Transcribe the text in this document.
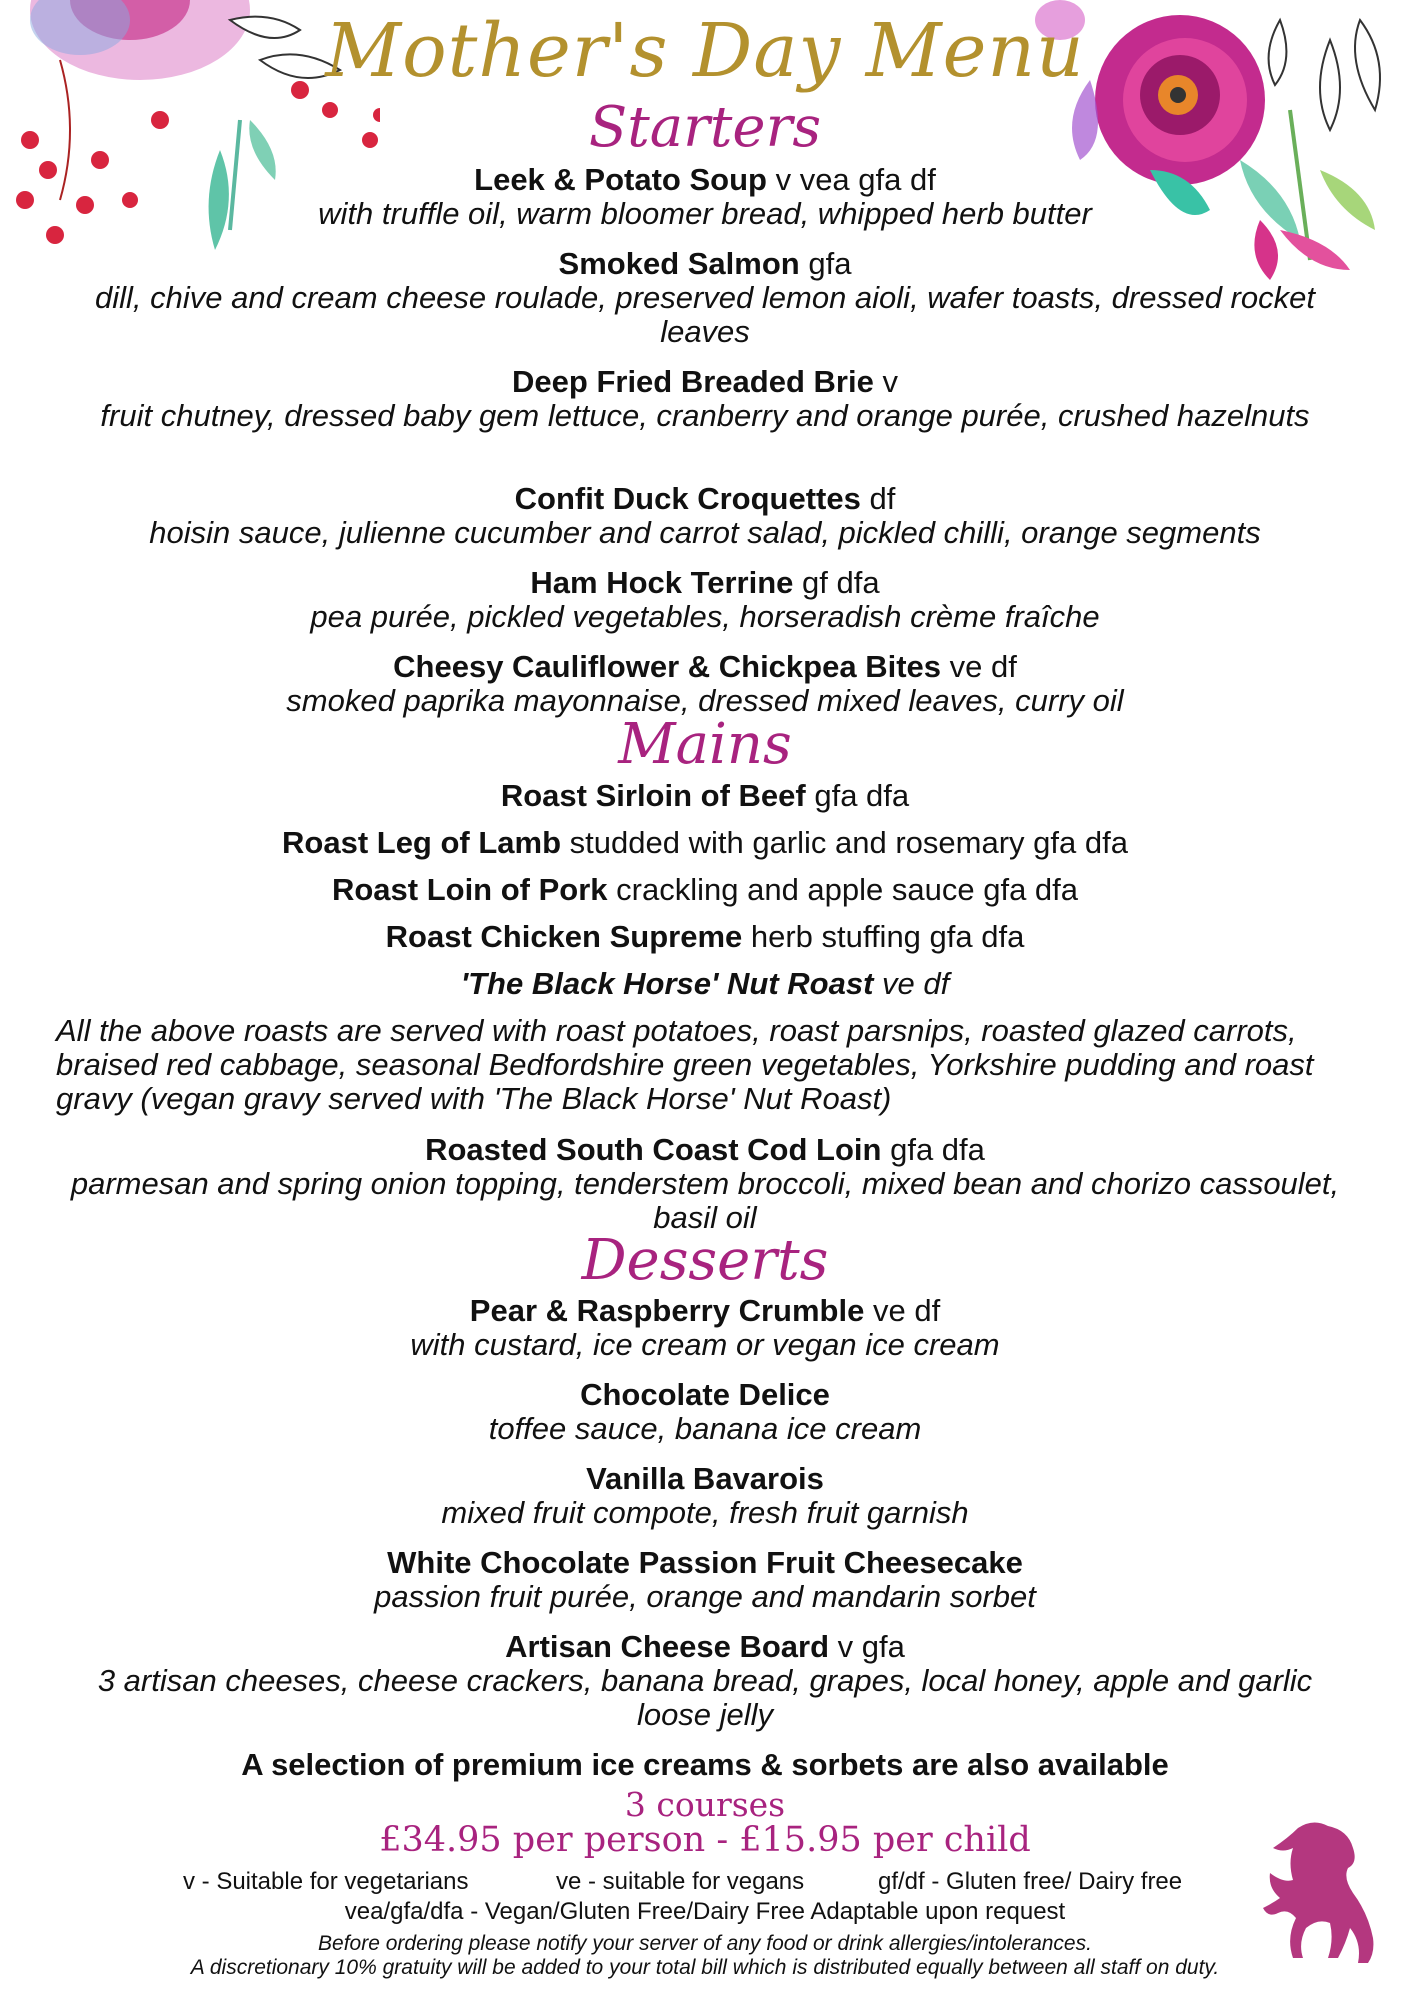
Mother's Day Menu
Starters
Leek & Potato Soup v vea gfa df
with truffle oil, warm bloomer bread, whipped herb butter
Smoked Salmon gfa
dill, chive and cream cheese roulade, preserved lemon aioli, wafer toasts, dressed rocket leaves
Deep Fried Breaded Brie v
fruit chutney, dressed baby gem lettuce, cranberry and orange purée, crushed hazelnuts
Confit Duck Croquettes df
hoisin sauce, julienne cucumber and carrot salad, pickled chilli, orange segments
Ham Hock Terrine gf dfa
pea purée, pickled vegetables, horseradish crème fraîche
Cheesy Cauliflower & Chickpea Bites ve df
smoked paprika mayonnaise, dressed mixed leaves, curry oil
Mains
Roast Sirloin of Beef gfa dfa
Roast Leg of Lamb studded with garlic and rosemary gfa dfa
Roast Loin of Pork crackling and apple sauce gfa dfa
Roast Chicken Supreme herb stuffing gfa dfa
'The Black Horse' Nut Roast ve df
All the above roasts are served with roast potatoes, roast parsnips, roasted glazed carrots, braised red cabbage, seasonal Bedfordshire green vegetables, Yorkshire pudding and roast gravy (vegan gravy served with 'The Black Horse' Nut Roast)
Roasted South Coast Cod Loin gfa dfa
parmesan and spring onion topping, tenderstem broccoli, mixed bean and chorizo cassoulet, basil oil
Desserts
Pear & Raspberry Crumble ve df
with custard, ice cream or vegan ice cream
Chocolate Delice
toffee sauce, banana ice cream
Vanilla Bavarois
mixed fruit compote, fresh fruit garnish
White Chocolate Passion Fruit Cheesecake
passion fruit purée, orange and mandarin sorbet
Artisan Cheese Board v gfa
3 artisan cheeses, cheese crackers, banana bread, grapes, local honey, apple and garlic loose jelly
A selection of premium ice creams & sorbets are also available
3 courses
£34.95 per person - £15.95 per child
v - Suitable for vegetarians	ve - suitable for vegans	gf/df - Gluten free/ Dairy free
vea/gfa/dfa - Vegan/Gluten Free/Dairy Free Adaptable upon request
Before ordering please notify your server of any food or drink allergies/intolerances.
A discretionary 10% gratuity will be added to your total bill which is distributed equally between all staff on duty.
